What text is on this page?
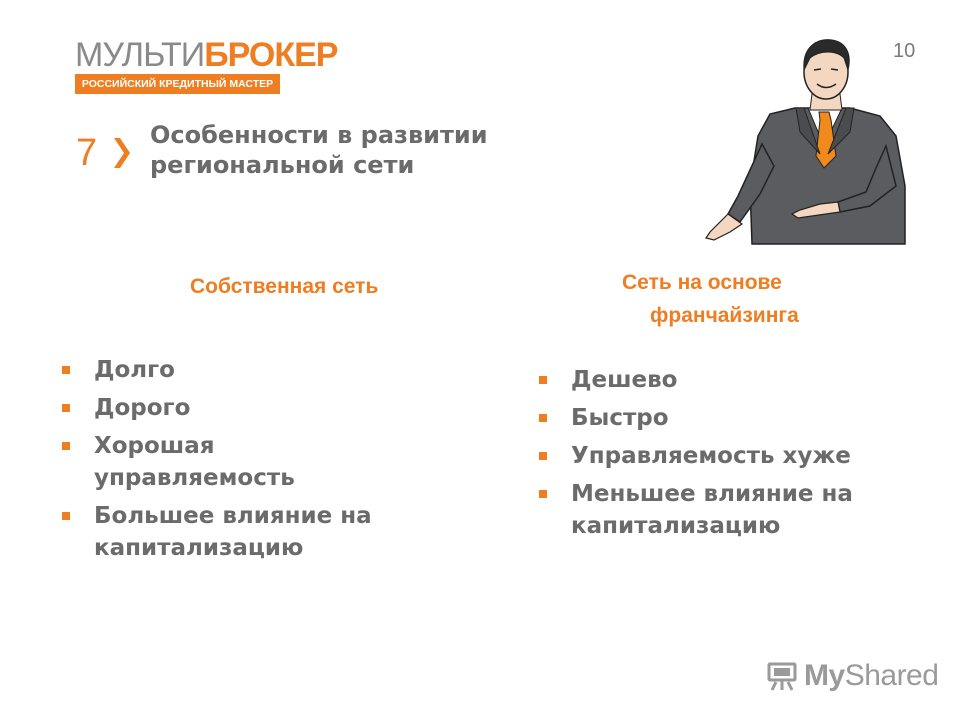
МУЛЬТИБРОКЕР
РОССИЙСКИЙ КРЕДИТНЫЙ МАСТЕР
10
7 Особенности в развитии
региональной сети
Собственная сеть	Сеть на основе
франчайзинга
Долго
Дорого
Хорошая управляемость
Большее влияние на капитализацию
Дешево
Быстро
Управляемость хуже
Меньшее влияние на капитализацию
MyShared
